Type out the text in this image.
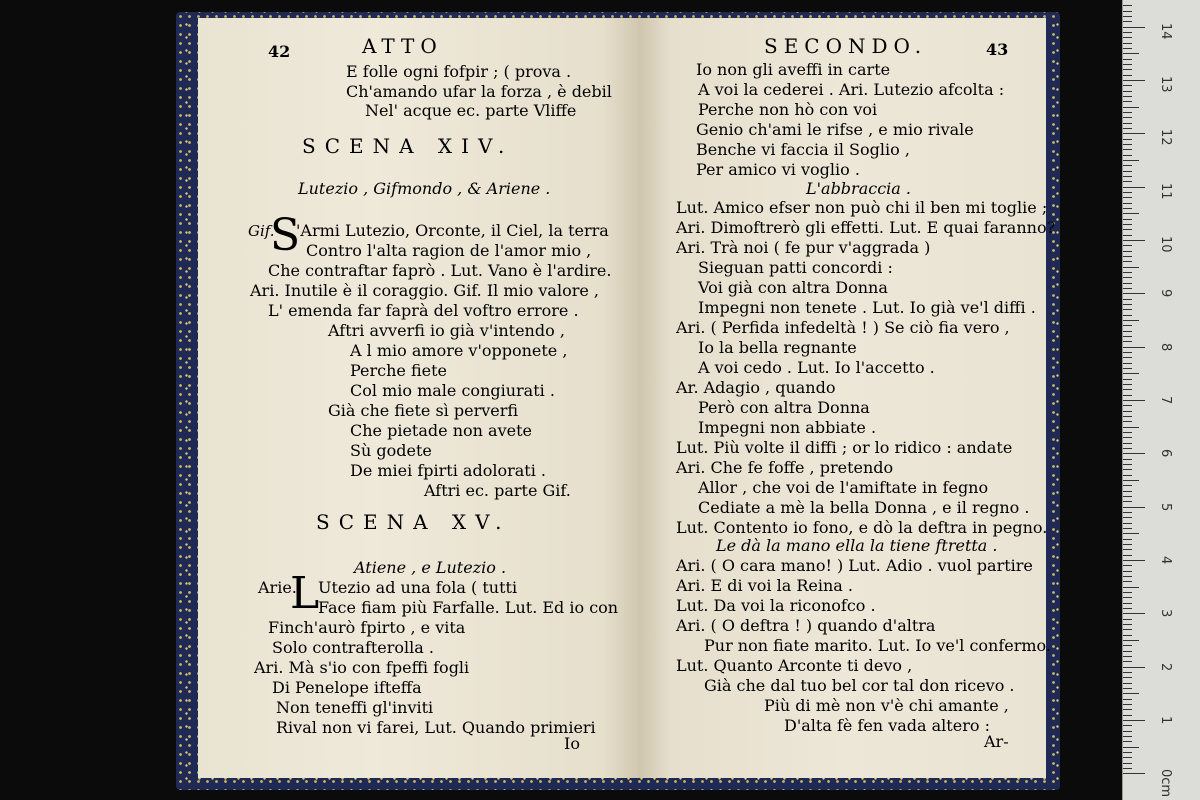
42	ATTO
SCENA XIV.
SCENA XV.
S
Gif.
L
E folle ogni fofpir ; ( prova .
Ch'amando ufar la forza , è debil
Nel' acque ec. parte Vliffe
Lutezio , Gifmondo , & Ariene .
'Armi Lutezio, Orconte, il Ciel, la terra
Contro l'alta ragion de l'amor mio ,
Che contraftar faprò . Lut. Vano è l'ardire.
Ari. Inutile è il coraggio. Gif. Il mio valore ,
L' emenda far faprà del voftro errore .
Aftri avverfi io già v'intendo ,
A l mio amore v'opponete ,
Perche fiete
Col mio male congiurati .
Già che fiete sì perverfi
Che pietade non avete
Sù godete
De miei fpirti adolorati .
Aftri ec. parte Gif.
Atiene , e Lutezio .
Arie. Utezio ad una fola ( tutti
Face fiam più Farfalle. Lut. Ed io con
Finch'aurò fpirto , e vita
Solo contrafterolla .
Ari. Mà s'io con fpeffi fogli
Di Penelope ifteffa
Non teneffi gl'inviti
Rival non vi farei, Lut. Quando primieri
Io
SECONDO.	43
Io non gli aveffi in carte
A voi la cederei . Ari. Lutezio afcolta :
Perche non hò con voi
Genio ch'ami le rifse , e mio rivale
Benche vi faccia il Soglio ,
Per amico vi voglio .
L'abbraccia .
Lut. Amico efser non può chi il ben mi toglie ;
Ari. Dimoftrerò gli effetti. Lut. E quai faranno?
Ari. Trà noi ( fe pur v'aggrada )
Sieguan patti concordi :
Voi già con altra Donna
Impegni non tenete . Lut. Io già ve'l diffi .
Ari. ( Perfida infedeltà ! ) Se ciò fia vero ,
Io la bella regnante
A voi cedo . Lut. Io l'accetto .
Ar. Adagio , quando
Però con altra Donna
Impegni non abbiate .
Lut. Più volte il diffi ; or lo ridico : andate
Ari. Che fe foffe , pretendo
Allor , che voi de l'amiftate in fegno
Cediate a mè la bella Donna , e il regno .
Lut. Contento io fono, e dò la deftra in pegno.
Le dà la mano ella la tiene ftretta .
Ari. ( O cara mano! ) Lut. Adio . vuol partire
Ari. E di voi la Reina .
Lut. Da voi la riconofco .
Ari. ( O deftra ! ) quando d'altra
Pur non fiate marito. Lut. Io ve'l confermo.
Lut. Quanto Arconte ti devo ,
Già che dal tuo bel cor tal don ricevo .
Più di mè non v'è chi amante ,
D'alta fè fen vada altero :
Ar-
0cm
1
2
3
4
5
6
7
8
9
10
11
12
13
14
